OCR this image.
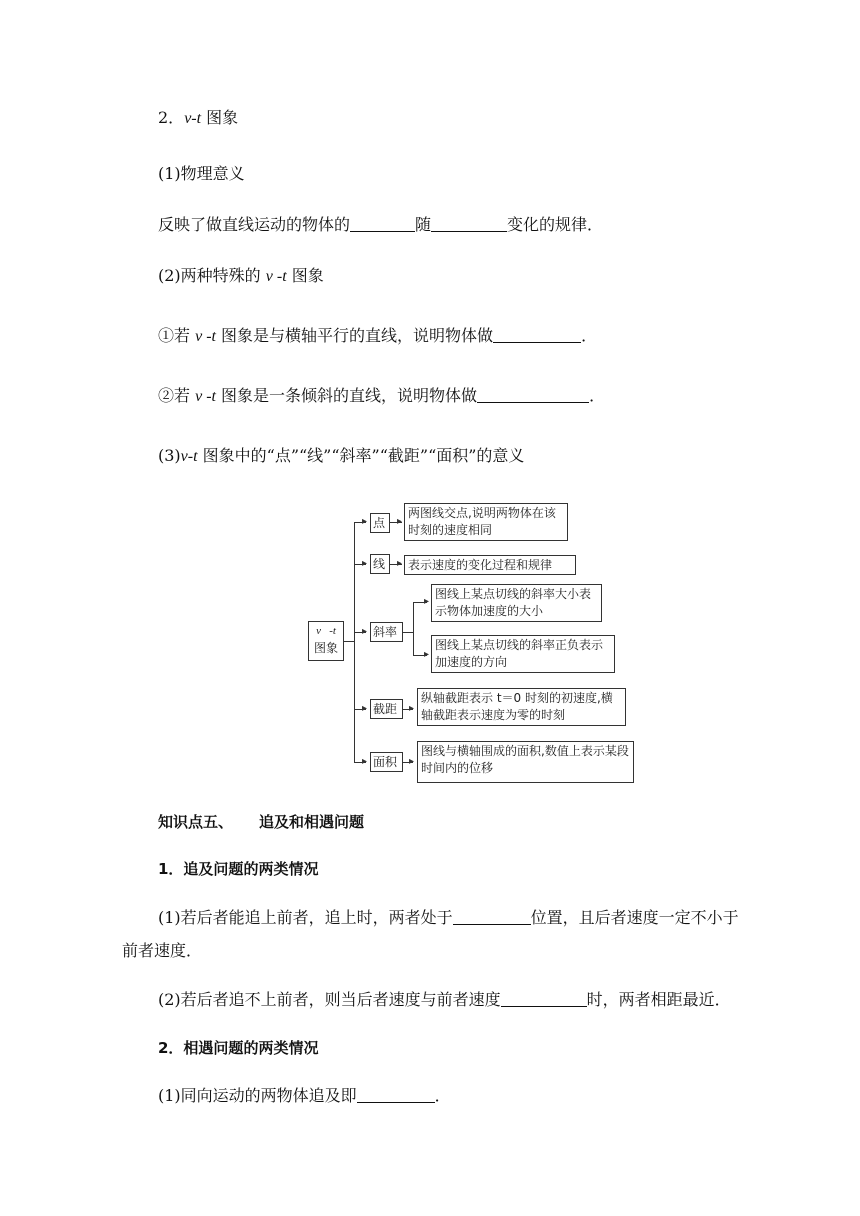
2．v-t 图象
(1)物理意义
反映了做直线运动的物体的	随	变化的规律．
(2)两种特殊的 v -t 图象
①若 v -t 图象是与横轴平行的直线，说明物体做	．
②若 v -t 图象是一条倾斜的直线，说明物体做	．
(3)v-t 图象中的“点”“线”“斜率”“截距”“面积”的意义
v   -t
图象
▸ 点	▸
两图线交点,说明两物体在该时刻的速度相同
▸ 线	▸ 表示速度的变化过程和规律
▸ 斜率
▸
▸
图线上某点切线的斜率大小表示物体加速度的大小
图线上某点切线的斜率正负表示加速度的方向
▸ 截距	▸
纵轴截距表示 t＝0 时刻的初速度,横轴截距表示速度为零的时刻
▸ 面积	▸
图线与横轴围成的面积,数值上表示某段时间内的位移
知识点五、 追及和相遇问题
1．追及问题的两类情况
(1)若后者能追上前者，追上时，两者处于	位置，且后者速度一定不小于
前者速度．
(2)若后者追不上前者，则当后者速度与前者速度	时，两者相距最近．
2．相遇问题的两类情况
(1)同向运动的两物体追及即	．
